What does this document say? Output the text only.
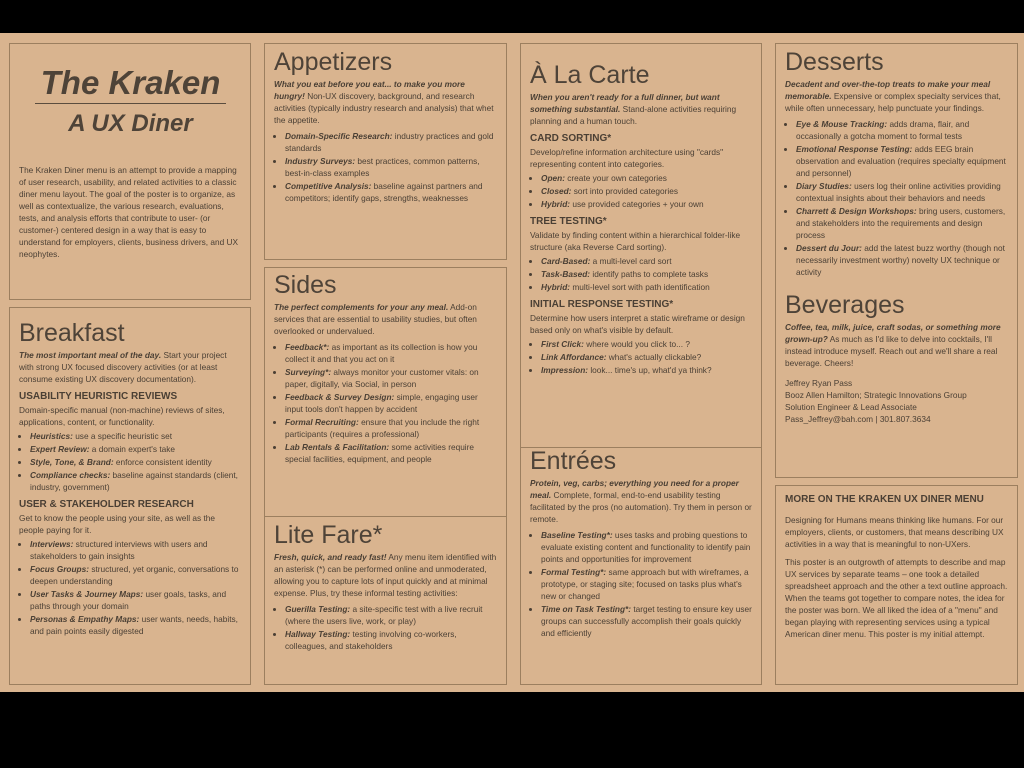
The Kraken
A UX Diner

The Kraken Diner menu is an attempt to provide a mapping of user research, usability, and related activities to a classic diner menu layout. The goal of the poster is to organize, as well as contextualize, the various research, evaluations, tests, and analysis efforts that contribute to user- (or customer-) centered design in a way that is easy to understand for employers, clients, business drivers, and UX neophytes.

Breakfast

The most important meal of the day. Start your project with strong UX focused discovery activities (or at least consume existing UX discovery documentation).

USABILITY HEURISTIC REVIEWS

Domain-specific manual (non-machine) reviews of sites, applications, content, or functionality.

• Heuristics: use a specific heuristic set
• Expert Review: a domain expert's take
• Style, Tone, & Brand: enforce consistent identity
• Compliance checks: baseline against standards (client, industry, government)
USER & STAKEHOLDER RESEARCH

Get to know the people using your site, as well as the people paying for it.

• Interviews: structured interviews with users and stakeholders to gain insights
• Focus Groups: structured, yet organic, conversations to deepen understanding
• User Tasks & Journey Maps: user goals, tasks, and paths through your domain
• Personas & Empathy Maps: user wants, needs, habits, and pain points easily digested
Appetizers

What you eat before you eat... to make you more hungry! Non-UX discovery, background, and research activities (typically industry research and analysis) that whet the appetite.

• Domain-Specific Research: industry practices and gold standards
• Industry Surveys: best practices, common patterns, best-in-class examples
• Competitive Analysis: baseline against partners and competitors; identify gaps, strengths, weaknesses
Sides

The perfect complements for your any meal. Add-on services that are essential to usability studies, but often overlooked or undervalued.

• Feedback*: as important as its collection is how you collect it and that you act on it
• Surveying*: always monitor your customer vitals: on paper, digitally, via Social, in person
• Feedback & Survey Design: simple, engaging user input tools don't happen by accident
• Formal Recruiting: ensure that you include the right participants (requires a professional)
• Lab Rentals & Facilitation: some activities require special facilities, equipment, and people
Lite Fare*

Fresh, quick, and ready fast! Any menu item identified with an asterisk (*) can be performed online and unmoderated, allowing you to capture lots of input quickly and at minimal expense. Plus, try these informal testing activities:

• Guerilla Testing: a site-specific test with a live recruit (where the users live, work, or play)
• Hallway Testing: testing involving co-workers, colleagues, and stakeholders
À La Carte

When you aren't ready for a full dinner, but want something substantial. Stand-alone activities requiring planning and a human touch.

CARD SORTING*

Develop/refine information architecture using "cards" representing content into categories.

• Open: create your own categories
• Closed: sort into provided categories
• Hybrid: use provided categories + your own
TREE TESTING*

Validate by finding content within a hierarchical folder-like structure (aka Reverse Card sorting).

• Card-Based: a multi-level card sort
• Task-Based: identify paths to complete tasks
• Hybrid: multi-level sort with path identification
INITIAL RESPONSE TESTING*

Determine how users interpret a static wireframe or design based only on what's visible by default.

• First Click: where would you click to... ?
• Link Affordance: what's actually clickable?
• Impression: look... time's up, what'd ya think?
Entrées

Protein, veg, carbs; everything you need for a proper meal. Complete, formal, end-to-end usability testing facilitated by the pros (no automation). Try them in person or remote.

• Baseline Testing*: uses tasks and probing questions to evaluate existing content and functionality to identify pain points and opportunities for improvement
• Formal Testing*: same approach but with wireframes, a prototype, or staging site; focused on tasks plus what's new or changed
• Time on Task Testing*: target testing to ensure key user groups can successfully accomplish their goals quickly and efficiently
Desserts

Decadent and over-the-top treats to make your meal memorable. Expensive or complex specialty services that, while often unnecessary, help punctuate your findings.

• Eye & Mouse Tracking: adds drama, flair, and occasionally a gotcha moment to formal tests
• Emotional Response Testing: adds EEG brain observation and evaluation (requires specialty equipment and personnel)
• Diary Studies: users log their online activities providing contextual insights about their behaviors and needs
• Charrett & Design Workshops: bring users, customers, and stakeholders into the requirements and design process
• Dessert du Jour: add the latest buzz worthy (though not necessarily investment worthy) novelty UX technique or activity
Beverages

Coffee, tea, milk, juice, craft sodas, or something more grown-up? As much as I'd like to delve into cocktails, I'll instead introduce myself. Reach out and we'll share a real beverage. Cheers!

Jeffrey Ryan Pass

Booz Allen Hamilton; Strategic Innovations Group

Solution Engineer & Lead Associate

Pass_Jeffrey@bah.com | 301.807.3634

MORE ON THE KRAKEN UX DINER MENU

Designing for Humans means thinking like humans. For our employers, clients, or customers, that means describing UX activities in a way that is meaningful to non-UXers.

This poster is an outgrowth of attempts to describe and map UX services by separate teams – one took a detailed spreadsheet approach and the other a text outline approach. When the teams got together to compare notes, the idea for the poster was born. We all liked the idea of a "menu" and began playing with representing services using a typical American diner menu. This poster is my initial attempt.
